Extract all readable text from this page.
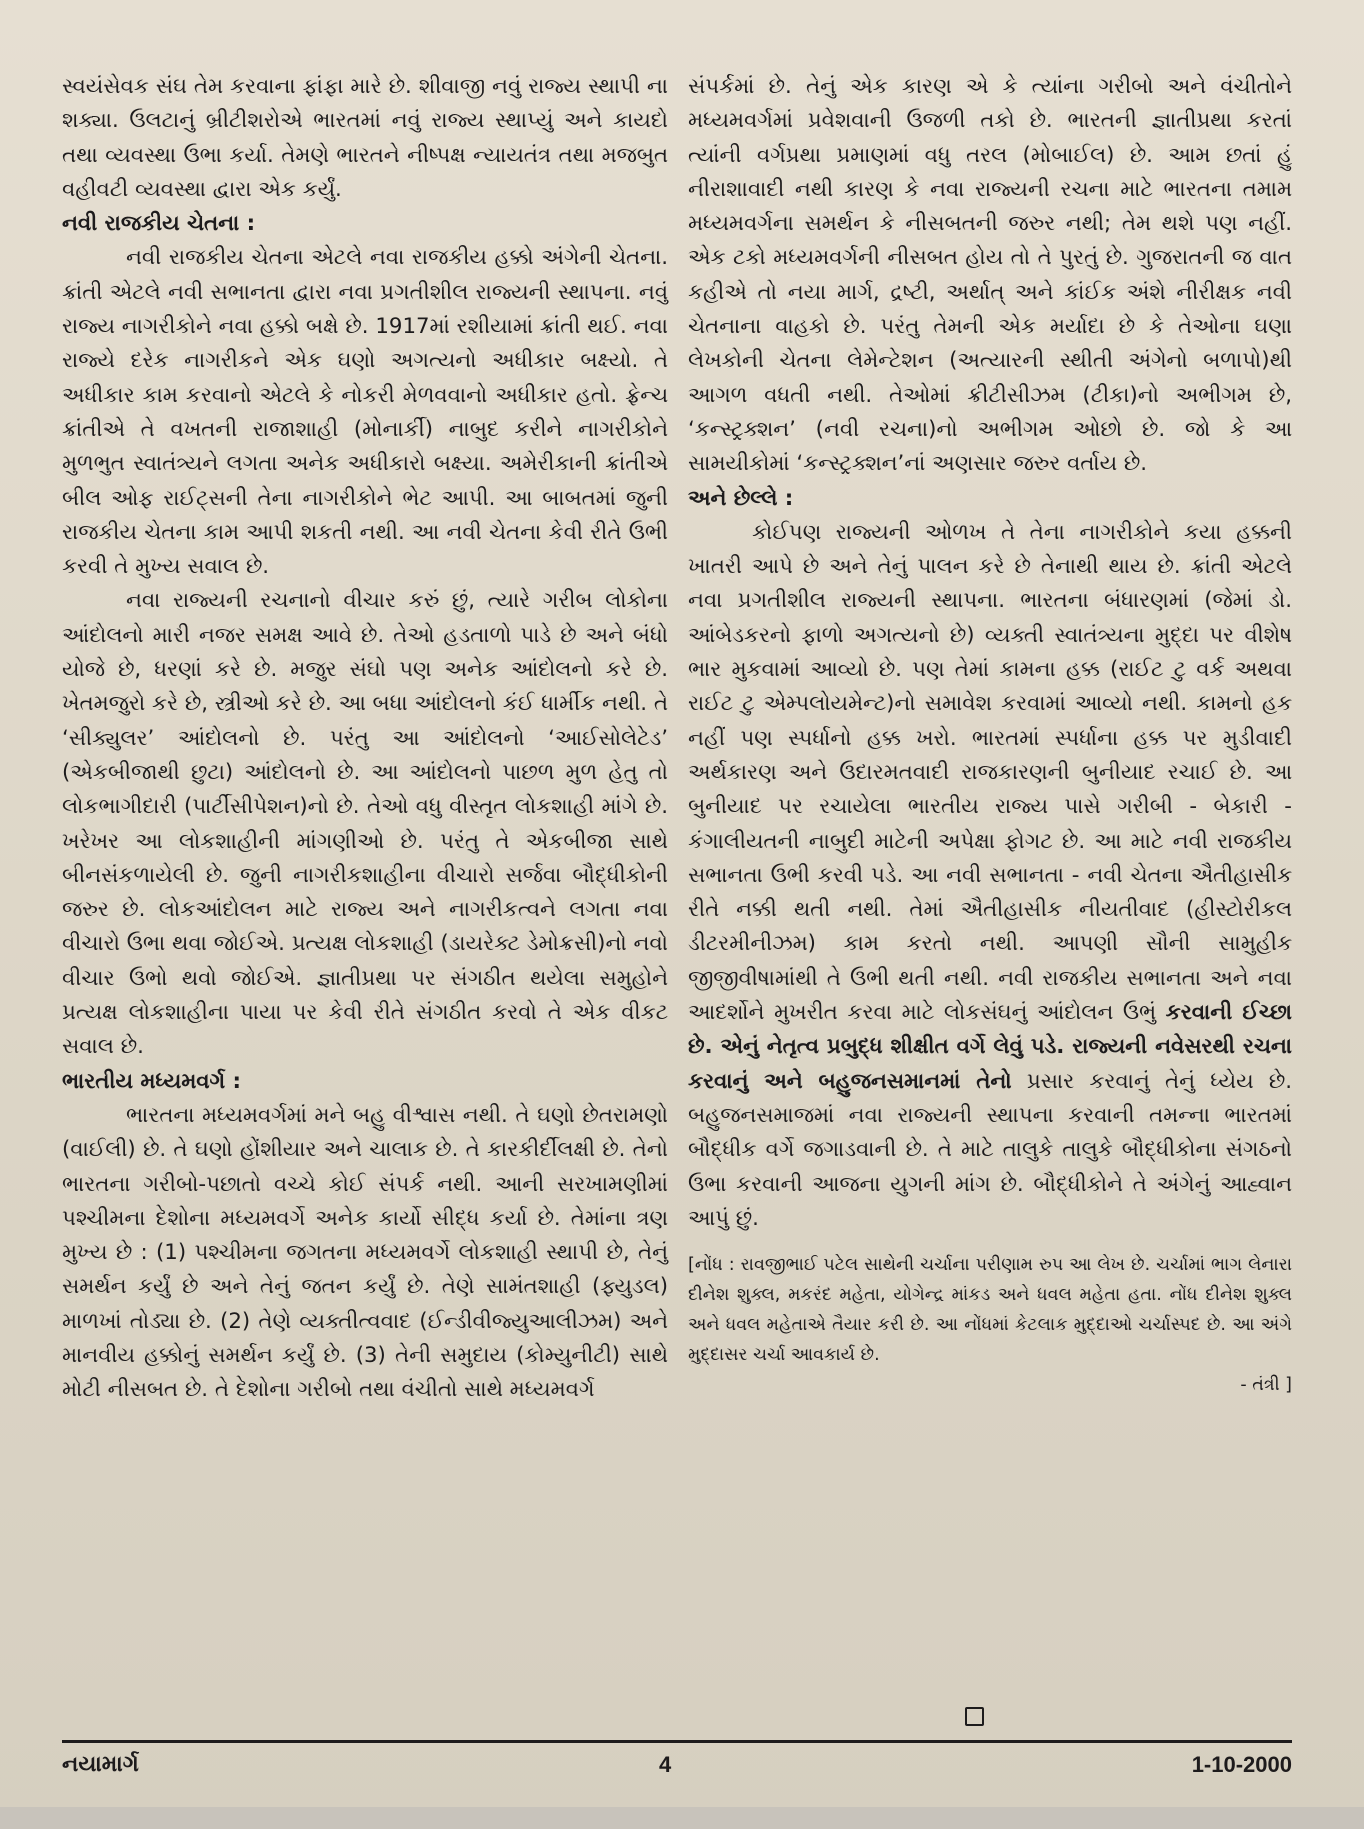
સ્વયંસેવક સંઘ તેમ કરવાના ફાંફા મારે છે. શીવાજી નવું રાજ્ય સ્થાપી ના શક્યા. ઉલટાનું બ્રીટીશરોએ ભારતમાં નવું રાજ્ય સ્થાપ્યું અને કાયદો તથા વ્યવસ્થા ઉભા કર્યા. તેમણે ભારતને નીષ્પક્ષ ન્યાયતંત્ર તથા મજબુત વહીવટી વ્યવસ્થા દ્વારા એક કર્યું.

નવી રાજકીય ચેતના :

નવી રાજકીય ચેતના એટલે નવા રાજકીય હક્કો અંગેની ચેતના. ક્રાંતી એટલે નવી સભાનતા દ્વારા નવા પ્રગતીશીલ રાજ્યની સ્થાપના. નવું રાજ્ય નાગરીકોને નવા હક્કો બક્ષે છે. 1917માં રશીયામાં ક્રાંતી થઈ. નવા રાજ્યે દરેક નાગરીકને એક ઘણો અગત્યનો અધીકાર બક્ષ્યો. તે અધીકાર કામ કરવાનો એટલે કે નોકરી મેળવવાનો અધીકાર હતો. ફ્રેન્ચ ક્રાંતીએ તે વખતની રાજાશાહી (મોનાર્કી) નાબુદ કરીને નાગરીકોને મુળભુત સ્વાતંત્ર્યને લગતા અનેક અધીકારો બક્ષ્યા. અમેરીકાની ક્રાંતીએ બીલ ઓફ રાઈટ્સની તેના નાગરીકોને ભેટ આપી. આ બાબતમાં જુની રાજકીય ચેતના કામ આપી શકતી નથી. આ નવી ચેતના કેવી રીતે ઉભી કરવી તે મુખ્ય સવાલ છે.

નવા રાજ્યની રચનાનો વીચાર કરું છું, ત્યારે ગરીબ લોકોના આંદોલનો મારી નજર સમક્ષ આવે છે. તેઓ હડતાળો પાડે છે અને બંધો યોજે છે, ધરણાં કરે છે. મજુર સંઘો પણ અનેક આંદોલનો કરે છે. ખેતમજુરો કરે છે, સ્ત્રીઓ કરે છે. આ બધા આંદોલનો કંઈ ધાર્મીક નથી. તે ‘સીક્યુલર’ આંદોલનો છે. પરંતુ આ આંદોલનો ‘આઈસોલેટેડ’ (એકબીજાથી છુટા) આંદોલનો છે. આ આંદોલનો પાછળ મુળ હેતુ તો લોકભાગીદારી (પાર્ટીસીપેશન)નો છે. તેઓ વધુ વીસ્તૃત લોકશાહી માંગે છે. ખરેખર આ લોકશાહીની માંગણીઓ છે. પરંતુ તે એકબીજા સાથે બીનસંકળાયેલી છે. જુની નાગરીકશાહીના વીચારો સર્જવા બૌદ્ધીકોની જરુર છે. લોકઆંદોલન માટે રાજ્ય અને નાગરીકત્વને લગતા નવા વીચારો ઉભા થવા જોઈએ. પ્રત્યક્ષ લોકશાહી (ડાયરેક્ટ ડેમોક્રસી)નો નવો વીચાર ઉભો થવો જોઈએ. જ્ઞાતીપ્રથા પર સંગઠીત થયેલા સમુહોને પ્રત્યક્ષ લોકશાહીના પાયા પર કેવી રીતે સંગઠીત કરવો તે એક વીકટ સવાલ છે.

ભારતીય મધ્યમવર્ગ :

ભારતના મધ્યમવર્ગમાં મને બહુ વીશ્વાસ નથી. તે ઘણો છેતરામણો (વાઈલી) છે. તે ઘણો હોંશીયાર અને ચાલાક છે. તે કારકીર્દીલક્ષી છે. તેનો ભારતના ગરીબો-પછાતો વચ્ચે કોઈ સંપર્ક નથી. આની સરખામણીમાં પશ્ચીમના દેશોના મધ્યમવર્ગે અનેક કાર્યો સીદ્ધ કર્યા છે. તેમાંના ત્રણ મુખ્ય છે : (1) પશ્ચીમના જગતના મધ્યમવર્ગે લોકશાહી સ્થાપી છે, તેનું સમર્થન કર્યું છે અને તેનું જતન કર્યું છે. તેણે સામંતશાહી (ફ્યુડલ) માળખાં તોડ્યા છે. (2) તેણે વ્યક્તીત્વવાદ (ઈન્ડીવીજ્યુઆલીઝમ) અને માનવીય હક્કોનું સમર્થન કર્યું છે. (3) તેની સમુદાય (કોમ્યુનીટી) સાથે મોટી નીસબત છે. તે દેશોના ગરીબો તથા વંચીતો સાથે મધ્યમવર્ગ

સંપર્કમાં છે. તેનું એક કારણ એ કે ત્યાંના ગરીબો અને વંચીતોને મધ્યમવર્ગમાં પ્રવેશવાની ઉજળી તકો છે. ભારતની જ્ઞાતીપ્રથા કરતાં ત્યાંની વર્ગપ્રથા પ્રમાણમાં વધુ તરલ (મોબાઈલ) છે. આમ છતાં હું નીરાશાવાદી નથી કારણ કે નવા રાજ્યની રચના માટે ભારતના તમામ મધ્યમવર્ગના સમર્થન કે નીસબતની જરુર નથી; તેમ થશે પણ નહીં. એક ટકો મધ્યમવર્ગની નીસબત હોય તો તે પુરતું છે. ગુજરાતની જ વાત કહીએ તો નયા માર્ગ, દ્રષ્ટી, અર્થાત્ અને કાંઈક અંશે નીરીક્ષક નવી ચેતનાના વાહકો છે. પરંતુ તેમની એક મર્યાદા છે કે તેઓના ઘણા લેખકોની ચેતના લેમેન્ટેશન (અત્યારની સ્થીતી અંગેનો બળાપો)થી આગળ વધતી નથી. તેઓમાં ક્રીટીસીઝમ (ટીકા)નો અભીગમ છે, ‘કન્સ્ટ્રક્શન’ (નવી રચના)નો અભીગમ ઓછો છે. જો કે આ સામયીકોમાં ‘કન્સ્ટ્રક્શન’નાં અણસાર જરુર વર્તાય છે.

અને છેલ્લે :

કોઈપણ રાજ્યની ઓળખ તે તેના નાગરીકોને કયા હક્કની ખાતરી આપે છે અને તેનું પાલન કરે છે તેનાથી થાય છે. ક્રાંતી એટલે નવા પ્રગતીશીલ રાજ્યની સ્થાપના. ભારતના બંધારણમાં (જેમાં ડો. આંબેડકરનો ફાળો અગત્યનો છે) વ્યક્તી સ્વાતંત્ર્યના મુદ્દા પર વીશેષ ભાર મુકવામાં આવ્યો છે. પણ તેમાં કામના હક્ક (રાઈટ ટુ વર્ક અથવા રાઈટ ટુ એમ્પલોયમેન્ટ)નો સમાવેશ કરવામાં આવ્યો નથી. કામનો હક નહીં પણ સ્પર્ધાનો હક્ક ખરો. ભારતમાં સ્પર્ધાના હક્ક પર મુડીવાદી અર્થકારણ અને ઉદારમતવાદી રાજકારણની બુનીયાદ રચાઈ છે. આ બુનીયાદ પર રચાયેલા ભારતીય રાજ્ય પાસે ગરીબી - બેકારી - કંગાલીયતની નાબુદી માટેની અપેક્ષા ફોગટ છે. આ માટે નવી રાજકીય સભાનતા ઉભી કરવી પડે. આ નવી સભાનતા - નવી ચેતના ઐતીહાસીક રીતે નક્કી થતી નથી. તેમાં ઐતીહાસીક નીયતીવાદ (હીસ્ટોરીકલ ડીટરમીનીઝમ) કામ કરતો નથી. આપણી સૌની સામુહીક જીજીવીષામાંથી તે ઉભી થતી નથી. નવી રાજકીય સભાનતા અને નવા આદર્શોને મુખરીત કરવા માટે લોકસંઘનું આંદોલન ઉભું કરવાની ઈચ્છા છે. એનું નેતૃત્વ પ્રબુદ્ધ શીક્ષીત વર્ગે લેવું પડે. રાજ્યની નવેસરથી રચના કરવાનું અને બહુજનસમાનમાં તેનો પ્રસાર કરવાનું તેનું ધ્યેય છે. બહુજનસમાજમાં નવા રાજ્યની સ્થાપના કરવાની તમન્ના ભારતમાં બૌદ્ધીક વર્ગે જગાડવાની છે. તે માટે તાલુકે તાલુકે બૌદ્ધીકોના સંગઠનો ઉભા કરવાની આજના યુગની માંગ છે. બૌદ્ધીકોને તે અંગેનું આહ્વાન આપું છું.

[નોંધ : રાવજીભાઈ પટેલ સાથેની ચર્ચાના પરીણામ રુપ આ લેખ છે. ચર્ચામાં ભાગ લેનારા દીનેશ શુક્લ, મકરંદ મહેતા, યોગેન્દ્ર માંકડ અને ધવલ મહેતા હતા. નોંધ દીનેશ શુક્લ અને ધવલ મહેતાએ તૈયાર કરી છે. આ નોંધમાં કેટલાક મુદ્દાઓ ચર્ચાસ્પદ છે. આ અંગે મુદ્દાસર ચર્ચા આવકાર્ય છે.

- તંત્રી ]

નયામાર્ગ	4	1-10-2000
